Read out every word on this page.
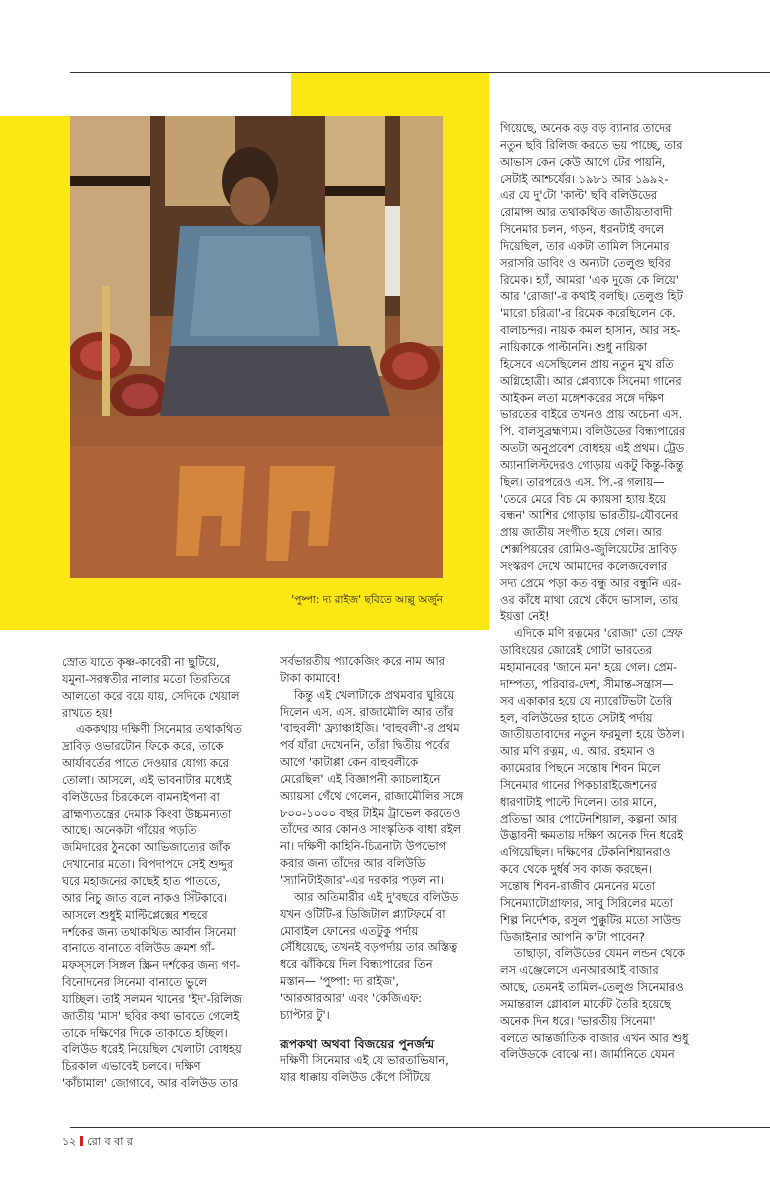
'পুষ্পা: দ্য রাইজ' ছবিতে আল্লু অর্জুন

স্রোত যাতে কৃষ্ণ-কাবেরী না ছুটিয়ে,

যমুনা-সরস্বতীর নালার মতো তিরতিরে

আলতো করে বয়ে যায়, সেদিকে খেয়াল

রাখতে হয়!

এককথায় দক্ষিণী সিনেমার তথাকথিত

দ্রাবিড় ওভারটোন ফিকে করে, তাকে

আর্যাবর্তের পাতে দেওয়ার যোগ্য করে

তোলা। আসলে, এই ভাবনাটার মধ্যেই

বলিউডের চিরকেলে বামনাইপনা বা

ব্রাহ্মণ্যতন্ত্রের দেমাক কিংবা উচ্চমন্যতা

আছে। অনেকটা গাঁয়ের পড়তি

জমিদারের ঠুনকো আভিজাত্যের জাঁক

দেখানোর মতো। বিপদাপদে সেই শুদ্দুর

ঘরে মহাজনের কাছেই হাত পাততে,

আর নিচু জাত বলে নাকও সিঁটকাবে।

আসলে শুধুই মাল্টিপ্লেক্সের শহুরে

দর্শকের জন্য তথাকথিত আর্বান সিনেমা

বানাতে বানাতে বলিউড ক্রমশ গাঁ-

মফস্সলে সিঙ্গল স্ক্রিন দর্শকের জন্য গণ-

বিনোদনের সিনেমা বানাতে ভুলে

যাচ্ছিল। তাই সলমন খানের 'ইদ'-রিলিজ

জাতীয় 'মাস' ছবির কথা ভাবতে গেলেই

তাকে দক্ষিণের দিকে তাকাতে হচ্ছিল।

বলিউড ধরেই নিয়েছিল খেলাটা বোধহয়

চিরকাল এভাবেই চলবে। দক্ষিণ

'কাঁচামাল' জোগাবে, আর বলিউড তার

সর্বভারতীয় প্যাকেজিং করে নাম আর

টাকা কামাবে!

কিন্তু এই খেলাটাকে প্রথমবার ঘুরিয়ে

দিলেন এস. এস. রাজামৌলি আর তাঁর

'বাহুবলী' ফ্র্যাঞ্চাইজি। 'বাহুবলী'-র প্রথম

পর্ব যাঁরা দেখেননি, তাঁরা দ্বিতীয় পর্বের

আগে 'কাটাপ্পা কেন বাহুবলীকে

মেরেছিল' এই বিজ্ঞাপনী ক্যাচলাইনে

অ্যায়সা গেঁথে গেলেন, রাজামৌলির সঙ্গে

৮০০-১০০০ বছর টাইম ট্রাভেল করতেও

তাঁদের আর কোনও সাংস্কৃতিক বাধা রইল

না। দক্ষিণী কাহিনি-চিত্রনাট্য উপভোগ

করার জন্য তাঁদের আর বলিউডি

'স্যানিটাইজার'-এর দরকার পড়ল না।

আর অতিমারীর এই দু'বছরে বলিউড

যখন ওটিটি-র ডিজিটাল প্ল্যাটফর্মে বা

মোবাইল ফোনের এতটুকু পর্দায়

সেঁধিয়েছে, তখনই বড়পর্দায় তার অস্তিত্ব

ধরে ঝাঁকিয়ে দিল বিন্ধ্যপারের তিন

মস্তান— 'পুষ্পা: দ্য রাইজ',

'আরআরআর' এবং 'কেজিএফ:

চ্যাপ্টার টু'।

রূপকথা অথবা বিজয়ের পুনর্জন্ম

দক্ষিণী সিনেমার এই যে ভারতাভিযান,

যার ধাক্কায় বলিউড কেঁপে সিঁটিয়ে

গিয়েছে, অনেক বড় বড় ব্যানার তাদের

নতুন ছবি রিলিজ করতে ভয় পাচ্ছে, তার

আভাস কেন কেউ আগে টের পায়নি,

সেটাই আশ্চর্যের। ১৯৮১ আর ১৯৯২-

এর যে দু'টো 'কাল্ট' ছবি বলিউডের

রোমান্স আর তথাকথিত জাতীয়তাবাদী

সিনেমার চলন, গড়ন, ধরনটাই বদলে

দিয়েছিল, তার একটা তামিল সিনেমার

সরাসরি ডাবিং ও অন্যটা তেলুগু ছবির

রিমেক। হ্যাঁ, আমরা 'এক দুজে কে লিয়ে'

আর 'রোজা'-র কথাই বলছি। তেলুগু হিট

'মারো চরিত্রা'-র রিমেক করেছিলেন কে.

বালাচন্দর। নায়ক কমল হাসান, আর সহ-

নায়িকাকে পাল্টাননি। শুধু নায়িকা

হিসেবে এসেছিলেন প্রায় নতুন মুখ রতি

অগ্নিহোত্রী। আর প্লেব্যাকে সিনেমা গানের

আইকন লতা মঙ্গেশকরের সঙ্গে দক্ষিণ

ভারতের বাইরে তখনও প্রায় অচেনা এস.

পি. বালসুব্রহ্মণ্যম। বলিউডের বিন্ধ্যপারের

অতটা অনুপ্রবেশ বোধহয় এই প্রথম। ট্রেড

অ্যানালিস্টদেরও গোড়ায় একটু কিন্তু-কিন্তু

ছিল। তারপরেও এস. পি.-র গলায়—

'তেরে মেরে বিচ মে ক্যায়সা হ্যায় ইয়ে

বন্ধন' আশির গোড়ায় ভারতীয়-যৌবনের

প্রায় জাতীয় সংগীত হয়ে গেল। আর

শেক্সপিয়রের রোমিও-জুলিয়েটের দ্রাবিড়

সংস্করণ দেখে আমাদের কলেজবেলার

সদ্য প্রেমে পড়া কত বন্ধু আর বন্ধুনি এর-

ওর কাঁধে মাথা রেখে কেঁদে ভাসাল, তার

ইয়ত্তা নেই!

এদিকে মণি রত্নমের 'রোজা' তো স্রেফ

ডাবিংয়ের জোরেই গোটা ভারতের

মহামানবের 'জানে মন' হয়ে গেল। প্রেম-

দাম্পত্য, পরিবার-দেশ, সীমান্ত-সন্ত্রাস—

সব একাকার হয়ে যে ন্যারেটিভটা তৈরি

হল, বলিউডের হাতে সেটাই পর্দায়

জাতীয়তাবাদের নতুন ফরমুলা হয়ে উঠল।

আর মণি রত্নম, এ. আর. রহমান ও

ক্যামেরার পিছনে সন্তোষ শিবন মিলে

সিনেমার গানের পিকচারাইজেশনের

ধারণাটাই পাল্টে দিলেন। তার মানে,

প্রতিভা আর পোটেনশিয়াল, কল্পনা আর

উদ্ভাবনী ক্ষমতায় দক্ষিণ অনেক দিন ধরেই

এগিয়েছিল। দক্ষিণের টেকনিশিয়ানরাও

কবে থেকে দুর্ধর্ষ সব কাজ করছেন।

সন্তোষ শিবন-রাজীব মেননের মতো

সিনেম্যাটোগ্রাফার, সাবু সিরিলের মতো

শিল্প নির্দেশক, রসুল পুক্কুটির মতো সাউন্ড

ডিজাইনার আপনি ক'টা পাবেন?

তাছাড়া, বলিউডের যেমন লন্ডন থেকে

লস এঞ্জেলেসে এনআরআই বাজার

আছে, তেমনই তামিল-তেলুগু সিনেমারও

সমান্তরাল গ্লোবাল মার্কেট তৈরি হয়েছে

অনেক দিন ধরে। 'ভারতীয় সিনেমা'

বলতে আন্তর্জাতিক বাজার এখন আর শুধু

বলিউডকে বোঝে না। জার্মানিতে যেমন

১২ রো ব বা র
